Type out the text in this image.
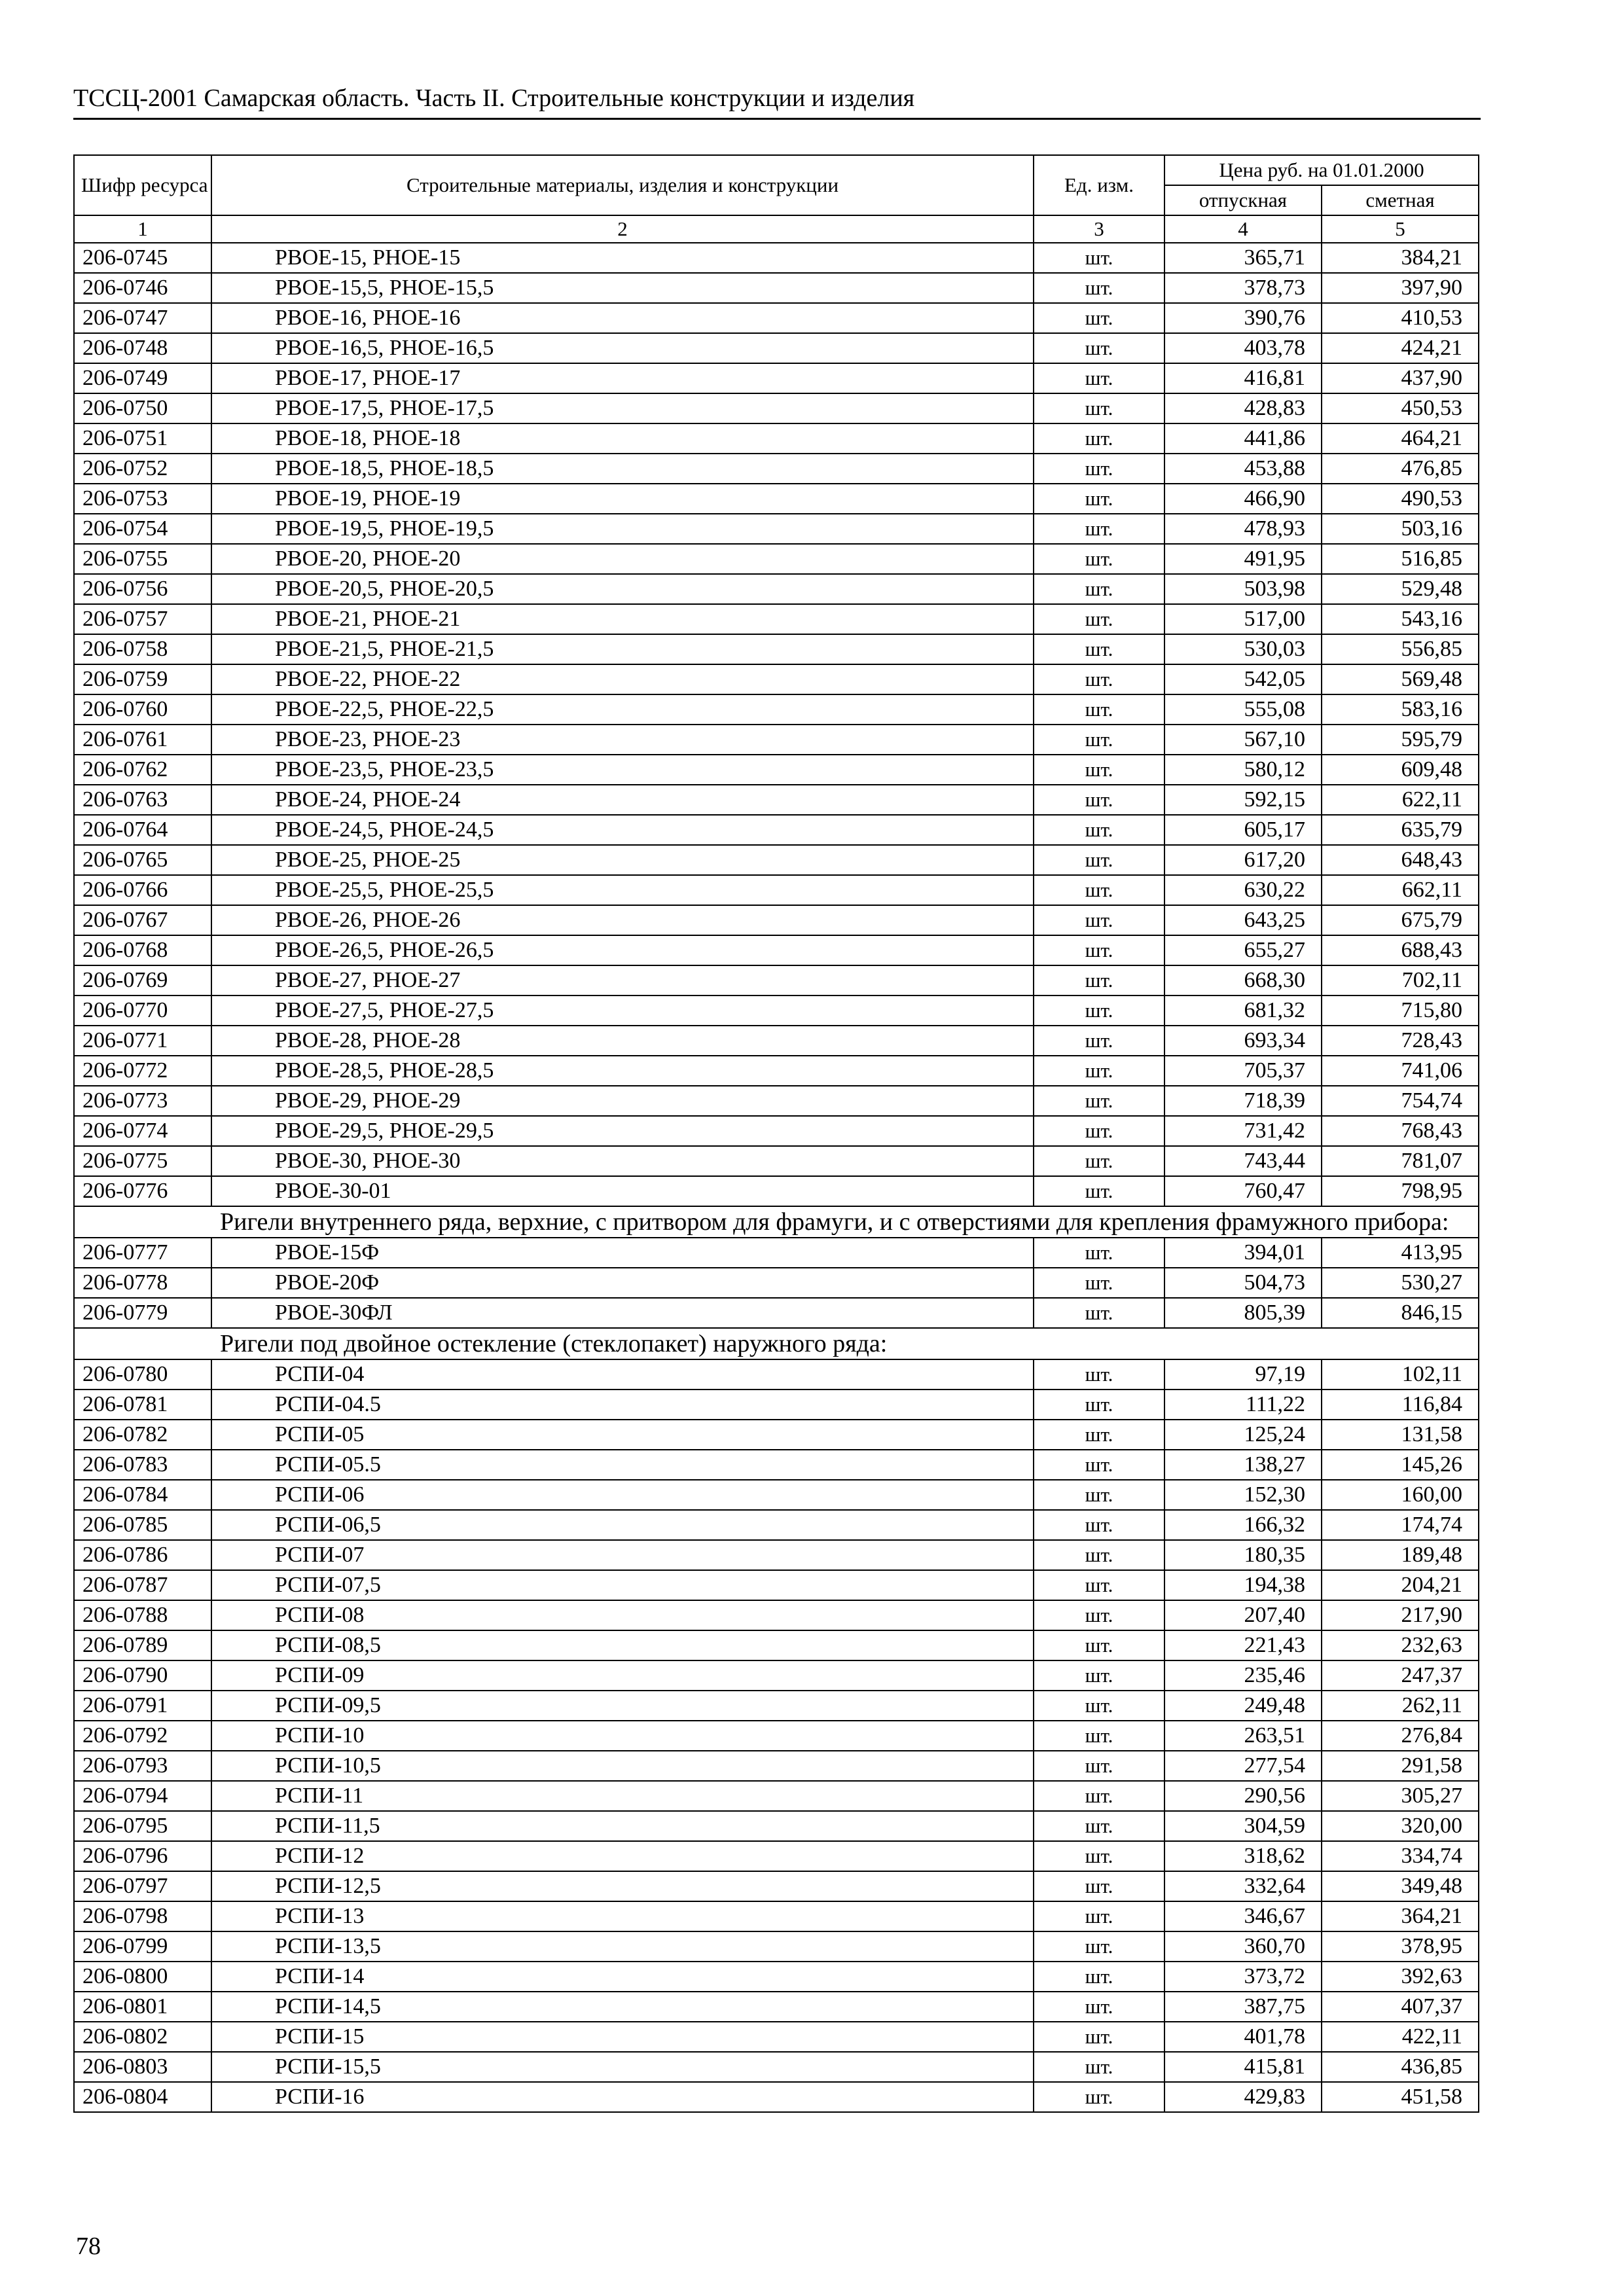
ТССЦ-2001 Самарская область. Часть II. Строительные конструкции и изделия
Шифр ресурса	Строительные материалы, изделия и конструкции	Ед. изм.	Цена руб. на 01.01.2000	
			отпускная	сметная
1	2	3	4	5
206-0745	РВОЕ-15, РНОЕ-15	шт.	365,71	384,21
206-0746	РВОЕ-15,5, РНОЕ-15,5	шт.	378,73	397,90
206-0747	РВОЕ-16, РНОЕ-16	шт.	390,76	410,53
206-0748	РВОЕ-16,5, РНОЕ-16,5	шт.	403,78	424,21
206-0749	РВОЕ-17, РНОЕ-17	шт.	416,81	437,90
206-0750	РВОЕ-17,5, РНОЕ-17,5	шт.	428,83	450,53
206-0751	РВОЕ-18, РНОЕ-18	шт.	441,86	464,21
206-0752	РВОЕ-18,5, РНОЕ-18,5	шт.	453,88	476,85
206-0753	РВОЕ-19, РНОЕ-19	шт.	466,90	490,53
206-0754	РВОЕ-19,5, РНОЕ-19,5	шт.	478,93	503,16
206-0755	РВОЕ-20, РНОЕ-20	шт.	491,95	516,85
206-0756	РВОЕ-20,5, РНОЕ-20,5	шт.	503,98	529,48
206-0757	РВОЕ-21, РНОЕ-21	шт.	517,00	543,16
206-0758	РВОЕ-21,5, РНОЕ-21,5	шт.	530,03	556,85
206-0759	РВОЕ-22, РНОЕ-22	шт.	542,05	569,48
206-0760	РВОЕ-22,5, РНОЕ-22,5	шт.	555,08	583,16
206-0761	РВОЕ-23, РНОЕ-23	шт.	567,10	595,79
206-0762	РВОЕ-23,5, РНОЕ-23,5	шт.	580,12	609,48
206-0763	РВОЕ-24, РНОЕ-24	шт.	592,15	622,11
206-0764	РВОЕ-24,5, РНОЕ-24,5	шт.	605,17	635,79
206-0765	РВОЕ-25, РНОЕ-25	шт.	617,20	648,43
206-0766	РВОЕ-25,5, РНОЕ-25,5	шт.	630,22	662,11
206-0767	РВОЕ-26, РНОЕ-26	шт.	643,25	675,79
206-0768	РВОЕ-26,5, РНОЕ-26,5	шт.	655,27	688,43
206-0769	РВОЕ-27, РНОЕ-27	шт.	668,30	702,11
206-0770	РВОЕ-27,5, РНОЕ-27,5	шт.	681,32	715,80
206-0771	РВОЕ-28, РНОЕ-28	шт.	693,34	728,43
206-0772	РВОЕ-28,5, РНОЕ-28,5	шт.	705,37	741,06
206-0773	РВОЕ-29, РНОЕ-29	шт.	718,39	754,74
206-0774	РВОЕ-29,5, РНОЕ-29,5	шт.	731,42	768,43
206-0775	РВОЕ-30, РНОЕ-30	шт.	743,44	781,07
206-0776	РВОЕ-30-01	шт.	760,47	798,95
Ригели внутреннего ряда, верхние, с притвором для фрамуги, и с отверстиями для крепления фрамужного прибора:				
206-0777	РВОЕ-15Ф	шт.	394,01	413,95
206-0778	РВОЕ-20Ф	шт.	504,73	530,27
206-0779	РВОЕ-30ФЛ	шт.	805,39	846,15
Ригели под двойное остекление (стеклопакет) наружного ряда:				
206-0780	РСПИ-04	шт.	97,19	102,11
206-0781	РСПИ-04.5	шт.	111,22	116,84
206-0782	РСПИ-05	шт.	125,24	131,58
206-0783	РСПИ-05.5	шт.	138,27	145,26
206-0784	РСПИ-06	шт.	152,30	160,00
206-0785	РСПИ-06,5	шт.	166,32	174,74
206-0786	РСПИ-07	шт.	180,35	189,48
206-0787	РСПИ-07,5	шт.	194,38	204,21
206-0788	РСПИ-08	шт.	207,40	217,90
206-0789	РСПИ-08,5	шт.	221,43	232,63
206-0790	РСПИ-09	шт.	235,46	247,37
206-0791	РСПИ-09,5	шт.	249,48	262,11
206-0792	РСПИ-10	шт.	263,51	276,84
206-0793	РСПИ-10,5	шт.	277,54	291,58
206-0794	РСПИ-11	шт.	290,56	305,27
206-0795	РСПИ-11,5	шт.	304,59	320,00
206-0796	РСПИ-12	шт.	318,62	334,74
206-0797	РСПИ-12,5	шт.	332,64	349,48
206-0798	РСПИ-13	шт.	346,67	364,21
206-0799	РСПИ-13,5	шт.	360,70	378,95
206-0800	РСПИ-14	шт.	373,72	392,63
206-0801	РСПИ-14,5	шт.	387,75	407,37
206-0802	РСПИ-15	шт.	401,78	422,11
206-0803	РСПИ-15,5	шт.	415,81	436,85
206-0804	РСПИ-16	шт.	429,83	451,58
78
